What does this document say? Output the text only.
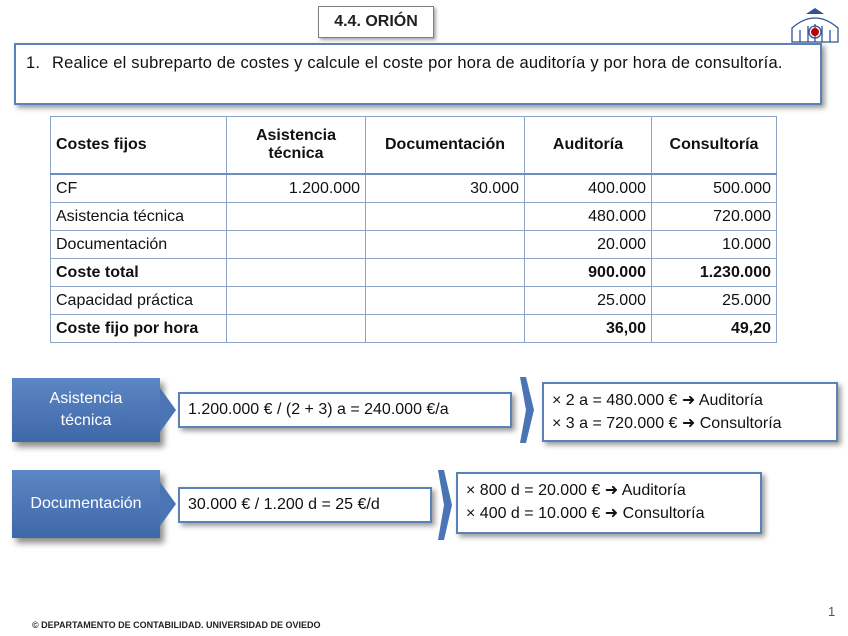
4.4. ORIÓN
1. Realice el subreparto de costes y calcule el coste por hora de auditoría y por hora de consultoría.
Costes fijos	Asistencia técnica	Documentación	Auditoría	Consultoría
CF	1.200.000	30.000	400.000	500.000
Asistencia técnica			480.000	720.000
Documentación			20.000	10.000
Coste total			900.000	1.230.000
Capacidad práctica			25.000	25.000
Coste fijo por hora			36,00	49,20
Asistencia
técnica
1.200.000 € / (2 + 3) a = 240.000 €/a
× 2 a = 480.000 € ➜ Auditoría
× 3 a = 720.000 € ➜ Consultoría
Documentación	30.000 € / 1.200 d = 25 €/d
× 800 d = 20.000 € ➜ Auditoría
× 400 d = 10.000 € ➜ Consultoría
© DEPARTAMENTO DE CONTABILIDAD. UNIVERSIDAD DE OVIEDO
1
